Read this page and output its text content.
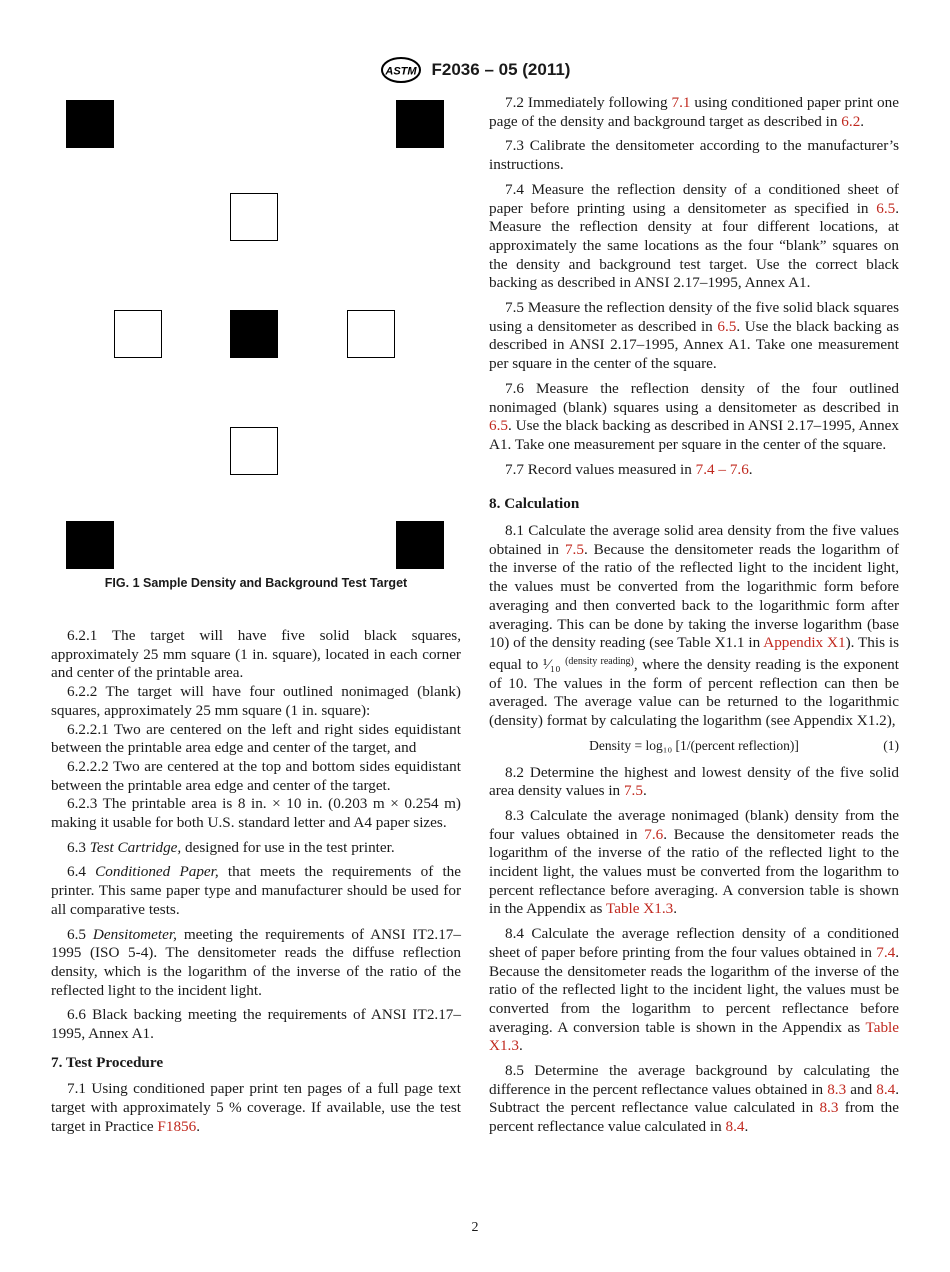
ASTM F2036 – 05 (2011)
FIG. 1 Sample Density and Background Test Target

6.2.1 The target will have five solid black squares, approximately 25 mm square (1 in. square), located in each corner and center of the printable area.

6.2.2 The target will have four outlined nonimaged (blank) squares, approximately 25 mm square (1 in. square):

6.2.2.1 Two are centered on the left and right sides equidistant between the printable area edge and center of the target, and

6.2.2.2 Two are centered at the top and bottom sides equidistant between the printable area edge and center of the target.

6.2.3 The printable area is 8 in. × 10 in. (0.203 m × 0.254 m) making it usable for both U.S. standard letter and A4 paper sizes.

6.3 Test Cartridge, designed for use in the test printer.

6.4 Conditioned Paper, that meets the requirements of the printer. This same paper type and manufacturer should be used for all comparative tests.

6.5 Densitometer, meeting the requirements of ANSI IT2.17–1995 (ISO 5-4). The densitometer reads the diffuse reflection density, which is the logarithm of the inverse of the ratio of the reflected light to the incident light.

6.6 Black backing meeting the requirements of ANSI IT2.17–1995, Annex A1.

7. Test Procedure

7.1 Using conditioned paper print ten pages of a full page text target with approximately 5 % coverage. If available, use the test target in Practice F1856.

7.2 Immediately following 7.1 using conditioned paper print one page of the density and background target as described in 6.2.

7.3 Calibrate the densitometer according to the manufacturer’s instructions.

7.4 Measure the reflection density of a conditioned sheet of paper before printing using a densitometer as specified in 6.5. Measure the reflection density at four different locations, at approximately the same locations as the four “blank” squares on the density and background test target. Use the correct black backing as described in ANSI 2.17–1995, Annex A1.

7.5 Measure the reflection density of the five solid black squares using a densitometer as described in 6.5. Use the black backing as described in ANSI 2.17–1995, Annex A1. Take one measurement per square in the center of the square.

7.6 Measure the reflection density of the four outlined nonimaged (blank) squares using a densitometer as described in 6.5. Use the black backing as described in ANSI 2.17–1995, Annex A1. Take one measurement per square in the center of the square.

7.7 Record values measured in 7.4 – 7.6.

8. Calculation

8.1 Calculate the average solid area density from the five values obtained in 7.5. Because the densitometer reads the logarithm of the inverse of the ratio of the reflected light to the incident light, the values must be converted from the logarithmic form before averaging and then converted back to the logarithmic form after averaging. This can be done by taking the inverse logarithm (base 10) of the density reading (see Table X1.1 in Appendix X1). This is equal to ¹⁄₁₀ $^{(density reading)}$, where the density reading is the exponent of 10. The values in the form of percent reflection can then be averaged. The average value can be returned to the logarithmic (density) format by calculating the logarithm (see Appendix X1.2),

Density = log₁₀ [1/(percent reflection)]	(1)

8.2 Determine the highest and lowest density of the five solid area density values in 7.5.

8.3 Calculate the average nonimaged (blank) density from the four values obtained in 7.6. Because the densitometer reads the logarithm of the inverse of the ratio of the reflected light to the incident light, the values must be converted from the logarithm to percent reflectance before averaging. A conversion table is shown in the Appendix as Table X1.3.

8.4 Calculate the average reflection density of a conditioned sheet of paper before printing from the four values obtained in 7.4. Because the densitometer reads the logarithm of the inverse of the ratio of the reflected light to the incident light, the values must be converted from the logarithm to percent reflectance before averaging. A conversion table is shown in the Appendix as Table X1.3.

8.5 Determine the average background by calculating the difference in the percent reflectance values obtained in 8.3 and 8.4. Subtract the percent reflectance value calculated in 8.3 from the percent reflectance value calculated in 8.4.

2
